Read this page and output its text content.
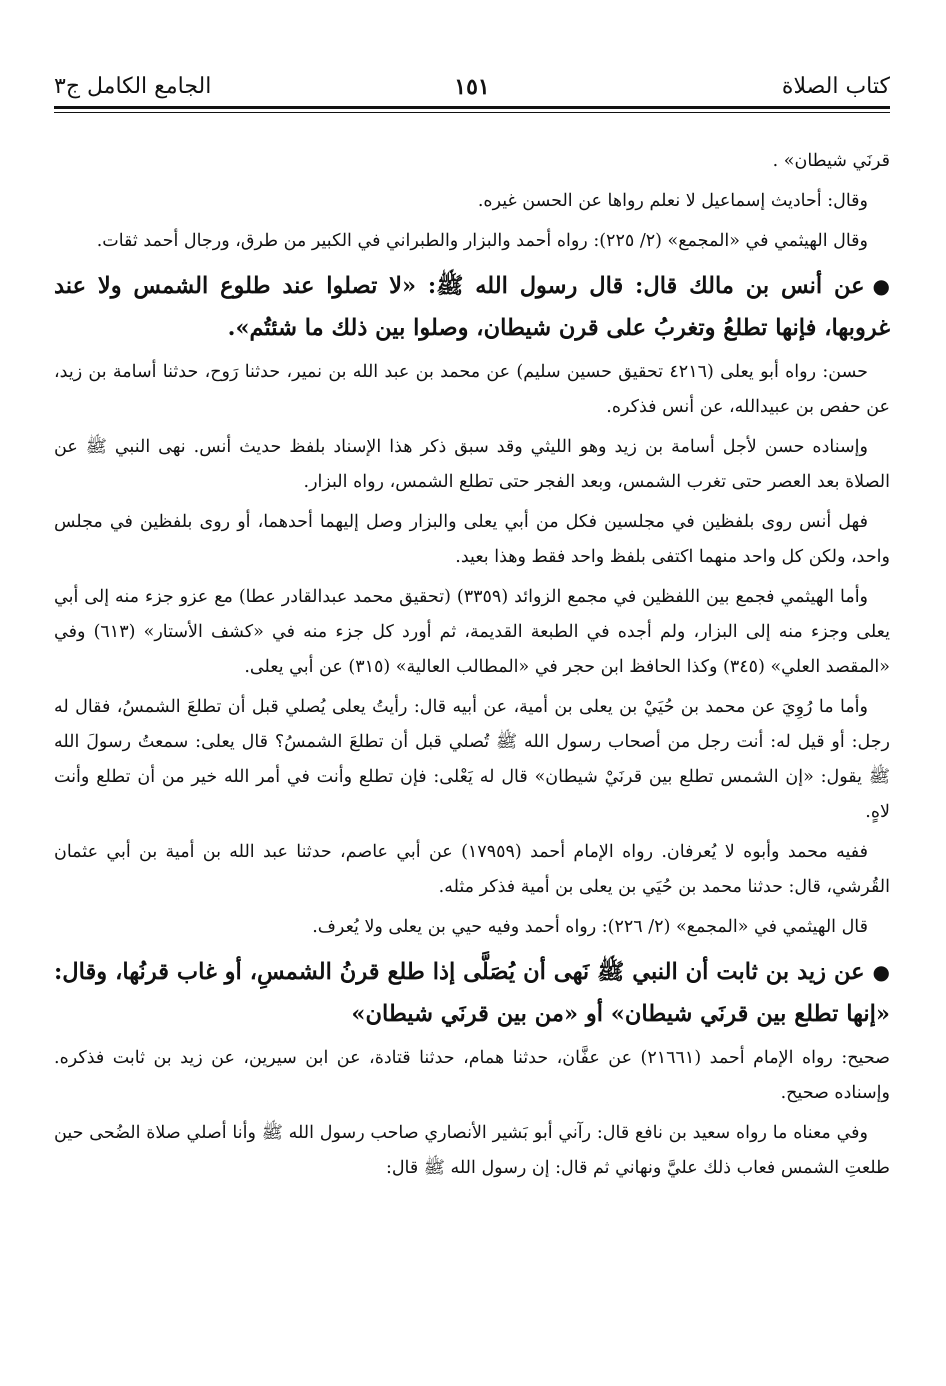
كتاب الصلاة
١٥١
الجامع الكامل ج٣

قرنَي شيطان» .

وقال: أحاديث إسماعيل لا نعلم رواها عن الحسن غيره.

وقال الهيثمي في «المجمع» (٢/ ٢٢٥): رواه أحمد والبزار والطبراني في الكبير من طرق، ورجال أحمد ثقات.

●عن أنس بن مالك قال: قال رسول الله ﷺ: «لا تصلوا عند طلوع الشمس ولا عند غروبها، فإنها تطلعُ وتغربُ على قرن شيطان، وصلوا بين ذلك ما شئتُم».

حسن: رواه أبو يعلى (٤٢١٦ تحقيق حسين سليم) عن محمد بن عبد الله بن نمير، حدثنا رَوح، حدثنا أسامة بن زيد، عن حفص بن عبيدالله، عن أنس فذكره.

وإسناده حسن لأجل أسامة بن زيد وهو الليثي وقد سبق ذكر هذا الإسناد بلفظ حديث أنس. نهى النبي ﷺ عن الصلاة بعد العصر حتى تغرب الشمس، وبعد الفجر حتى تطلع الشمس، رواه البزار.

فهل أنس روى بلفظين في مجلسين فكل من أبي يعلى والبزار وصل إليهما أحدهما، أو روى بلفظين في مجلس واحد، ولكن كل واحد منهما اكتفى بلفظ واحد فقط وهذا بعيد.

وأما الهيثمي فجمع بين اللفظين في مجمع الزوائد (٣٣٥٩) (تحقيق محمد عبدالقادر عطا) مع عزو جزء منه إلى أبي يعلى وجزء منه إلى البزار، ولم أجده في الطبعة القديمة، ثم أورد كل جزء منه في «كشف الأستار» (٦١٣) وفي «المقصد العلي» (٣٤٥) وكذا الحافظ ابن حجر في «المطالب العالية» (٣١٥) عن أبي يعلى.

وأما ما رُوِيَ عن محمد بن حُيَيْ بن يعلى بن أمية، عن أبيه قال: رأيتُ يعلى يُصلي قبل أن تطلعَ الشمسُ، فقال له رجل: أو قيل له: أنت رجل من أصحاب رسول الله ﷺ تُصلي قبل أن تطلعَ الشمسُ؟ قال يعلى: سمعتُ رسولَ الله ﷺ يقول: «إن الشمس تطلع بين قرنَيْ شيطان» قال له يَعْلى: فإن تطلع وأنت في أمر الله خير من أن تطلع وأنت لاهٍ.

ففيه محمد وأبوه لا يُعرفان. رواه الإمام أحمد (١٧٩٥٩) عن أبي عاصم، حدثنا عبد الله بن أمية بن أبي عثمان القُرشي، قال: حدثنا محمد بن حُيَي بن يعلى بن أمية فذكر مثله.

قال الهيثمي في «المجمع» (٢/ ٢٢٦): رواه أحمد وفيه حيي بن يعلى ولا يُعرف.

●عن زيد بن ثابت أن النبي ﷺ نَهى أن يُصَلَّى إذا طلع قرنُ الشمسِ، أو غاب قرنُها، وقال: «إنها تطلع بين قرنَي شيطان» أو «من بين قرنَي شيطان»

صحيح: رواه الإمام أحمد (٢١٦٦١) عن عفَّان، حدثنا همام، حدثنا قتادة، عن ابن سيرين، عن زيد بن ثابت فذكره. وإسناده صحيح.

وفي معناه ما رواه سعيد بن نافع قال: رآني أبو بَشير الأنصاري صاحب رسول الله ﷺ وأنا أصلي صلاة الضُحى حين طلعتِ الشمس فعاب ذلك عليَّ ونهاني ثم قال: إن رسول الله ﷺ قال:
